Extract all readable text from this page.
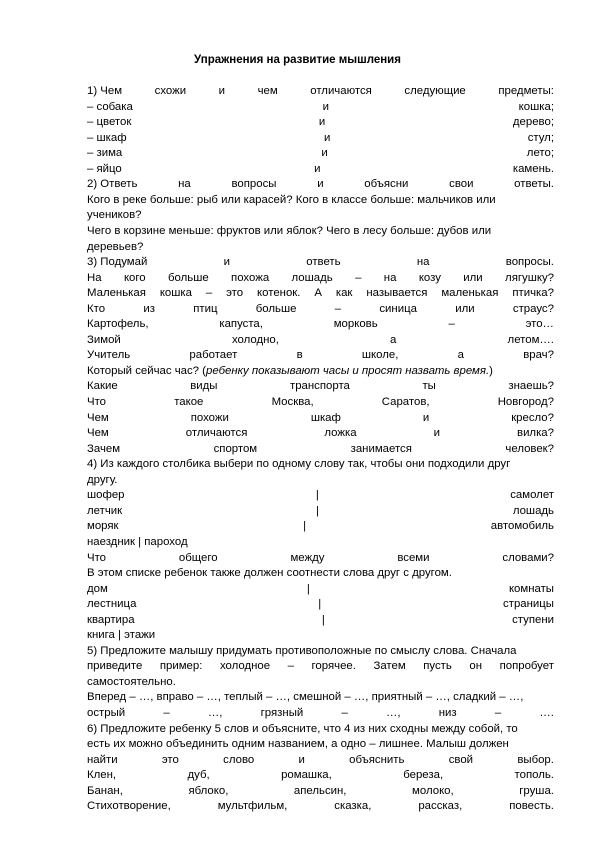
Упражнения на развитие мышления
1) Чем	схожи	и	чем	отличаются	следующие	предметы:
– собака	и	кошка;
– цветок	и	дерево;
– шкаф	и	стул;
– зима	и	лето;
– яйцо	и	камень.
2) Ответь	на	вопросы	и	объясни	свои	ответы.
Кого в реке больше: рыб или карасей? Кого в классе больше: мальчиков или
учеников?
Чего в корзине меньше: фруктов или яблок? Чего в лесу больше: дубов или
деревьев?
3) Подумай	и	ответь	на	вопросы.
На кого больше похожа лошадь – на козу или лягушку?
Маленькая кошка – это котенок. А как называется маленькая птичка?
Кто	из	птиц	больше	–	синица	или	страус?
Картофель,	капуста,	морковь	–	это…
Зимой	холодно,	а	летом….
Учитель	работает	в	школе,	а	врач?
Который сейчас час? (ребенку показывают часы и просят назвать время.)
Какие	виды	транспорта	ты	знаешь?
Что	такое	Москва,	Саратов,	Новгород?
Чем	похожи	шкаф	и	кресло?
Чем	отличаются	ложка	и	вилка?
Зачем	спортом	занимается	человек?
4) Из каждого столбика выбери по одному слову так, чтобы они подходили друг
другу.
шофер	|	самолет
летчик	|	лошадь
моряк	|	автомобиль
наездник | пароход
Что	общего	между	всеми	словами?
В этом списке ребенок также должен соотнести слова друг с другом.
дом	|	комнаты
лестница	|	страницы
квартира	|	ступени
книга | этажи
5) Предложите малышу придумать противоположные по смыслу слова. Сначала
приведите пример: холодное – горячее. Затем пусть он попробует
самостоятельно.
Вперед – …, вправо – …, теплый – …, смешной – …, приятный – …, сладкий – …,
острый	–	…,	грязный	–	…,	низ	–	….
6) Предложите ребенку 5 слов и объясните, что 4 из них сходны между собой, то
есть их можно объединить одним названием, а одно – лишнее. Малыш должен
найти	это	слово	и	объяснить	свой	выбор.
Клен,	дуб,	ромашка,	береза,	тополь.
Банан,	яблоко,	апельсин,	молоко,	груша.
Стихотворение,	мультфильм,	сказка,	рассказ,	повесть.
